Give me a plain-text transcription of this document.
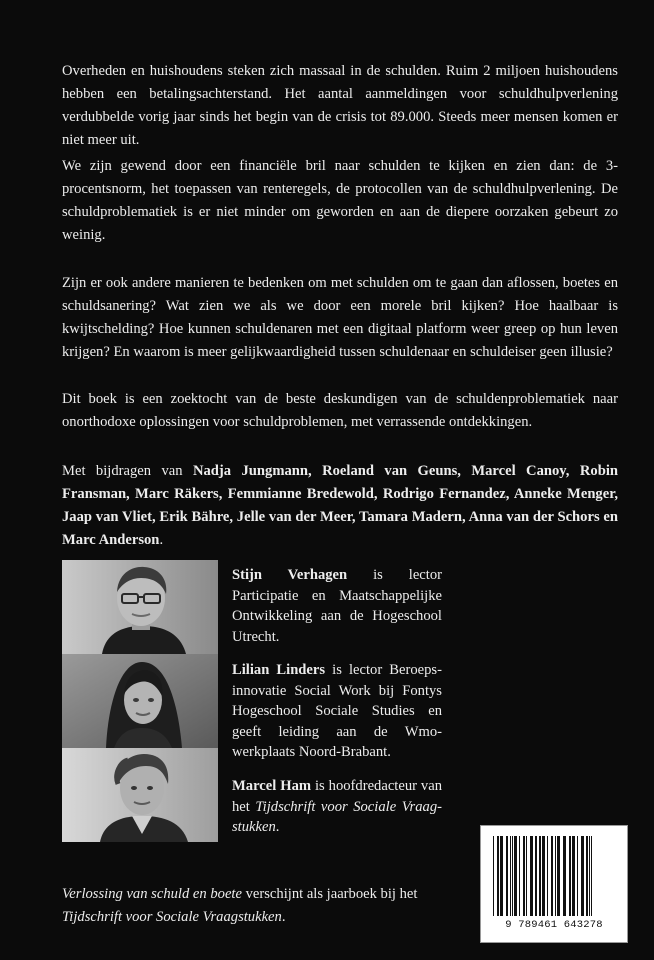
Overheden en huishoudens steken zich massaal in de schulden. Ruim 2 miljoen huishoudens hebben een betalingsachterstand. Het aantal aanmeldingen voor schuldhulpverlening verdubbelde vorig jaar sinds het begin van de crisis tot 89.000. Steeds meer mensen komen er niet meer uit.

We zijn gewend door een financiële bril naar schulden te kijken en zien dan: de 3-procentsnorm, het toepassen van renteregels, de protocollen van de schuldhulpverlening. De schuldproblematiek is er niet minder om geworden en aan de diepere oorzaken gebeurt zo weinig.

Zijn er ook andere manieren te bedenken om met schulden om te gaan dan aflossen, boetes en schuldsanering? Wat zien we als we door een morele bril kijken? Hoe haalbaar is kwijtschelding? Hoe kunnen schuldenaren met een digitaal platform weer greep op hun leven krijgen? En waarom is meer gelijkwaardigheid tussen schuldenaar en schuldeiser geen illusie?

Dit boek is een zoektocht van de beste deskundigen van de schuldenproblematiek naar onorthodoxe oplossingen voor schuldproblemen, met verrassende ontdekkingen.

Met bijdragen van Nadja Jungmann, Roeland van Geuns, Marcel Canoy, Robin Fransman, Marc Räkers, Femmianne Bredewold, Rodrigo Fernandez, Anneke Menger, Jaap van Vliet, Erik Bähre, Jelle van der Meer, Tamara Madern, Anna van der Schors en Marc Anderson.

Stijn Verhagen is lector Participatie en Maatschappelijke Ontwikkeling aan de Hogeschool Utrecht.

Lilian Linders is lector Beroepsinnovatie Social Work bij Fontys Hogeschool Sociale Studies en geeft leiding aan de Wmo-werkplaats Noord-Brabant.

Marcel Ham is hoofdredacteur van het Tijdschrift voor Sociale Vraagstukken.

Verlossing van schuld en boete verschijnt als jaarboek bij het Tijdschrift voor Sociale Vraagstukken.	9 789461 643278
